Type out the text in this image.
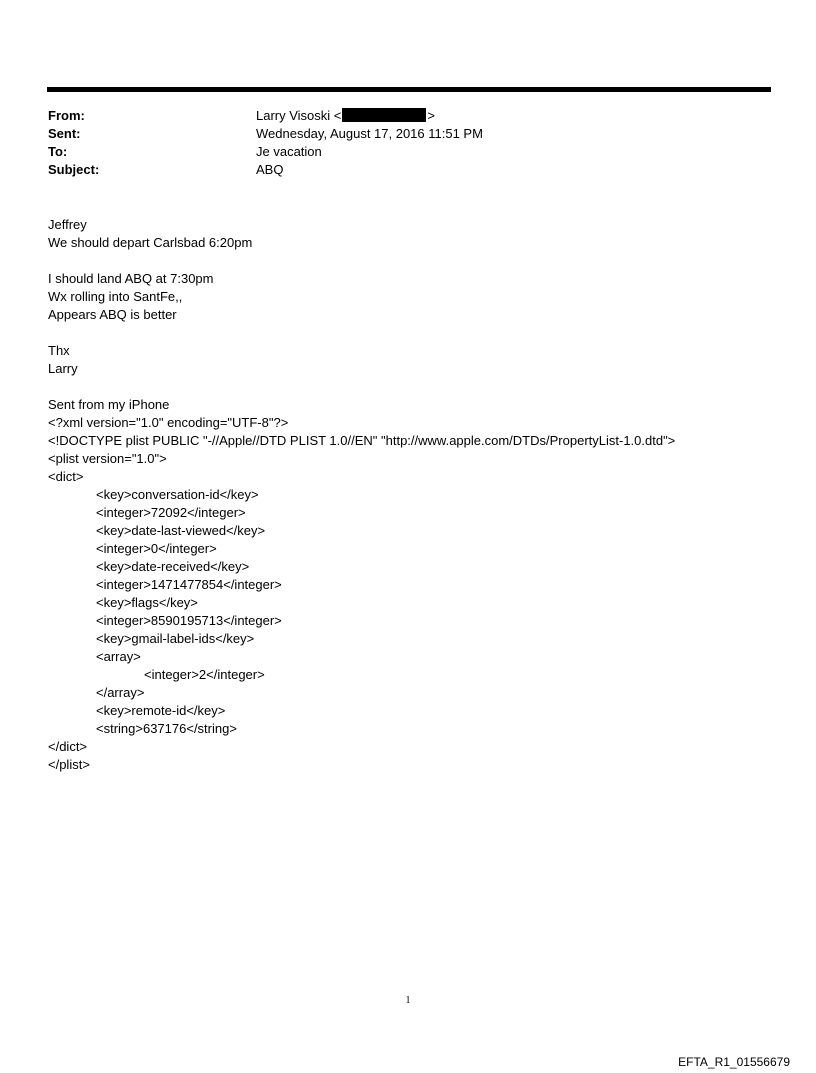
From:	Larry Visoski <	>
Sent:	Wednesday, August 17, 2016 11:51 PM
To:	Je vacation
Subject:	ABQ
Jeffrey
We should depart Carlsbad 6:20pm
I should land ABQ at 7:30pm
Wx rolling into SantFe,,
Appears ABQ is better
Thx
Larry
Sent from my iPhone
<?xml version="1.0" encoding="UTF-8"?>
<!DOCTYPE plist PUBLIC "-//Apple//DTD PLIST 1.0//EN" "http://www.apple.com/DTDs/PropertyList-1.0.dtd">
<plist version="1.0">
<dict>
<key>conversation-id</key>
<integer>72092</integer>
<key>date-last-viewed</key>
<integer>0</integer>
<key>date-received</key>
<integer>1471477854</integer>
<key>flags</key>
<integer>8590195713</integer>
<key>gmail-label-ids</key>
<array>
<integer>2</integer>
</array>
<key>remote-id</key>
<string>637176</string>
</dict>
</plist>
1
EFTA_R1_01556679
